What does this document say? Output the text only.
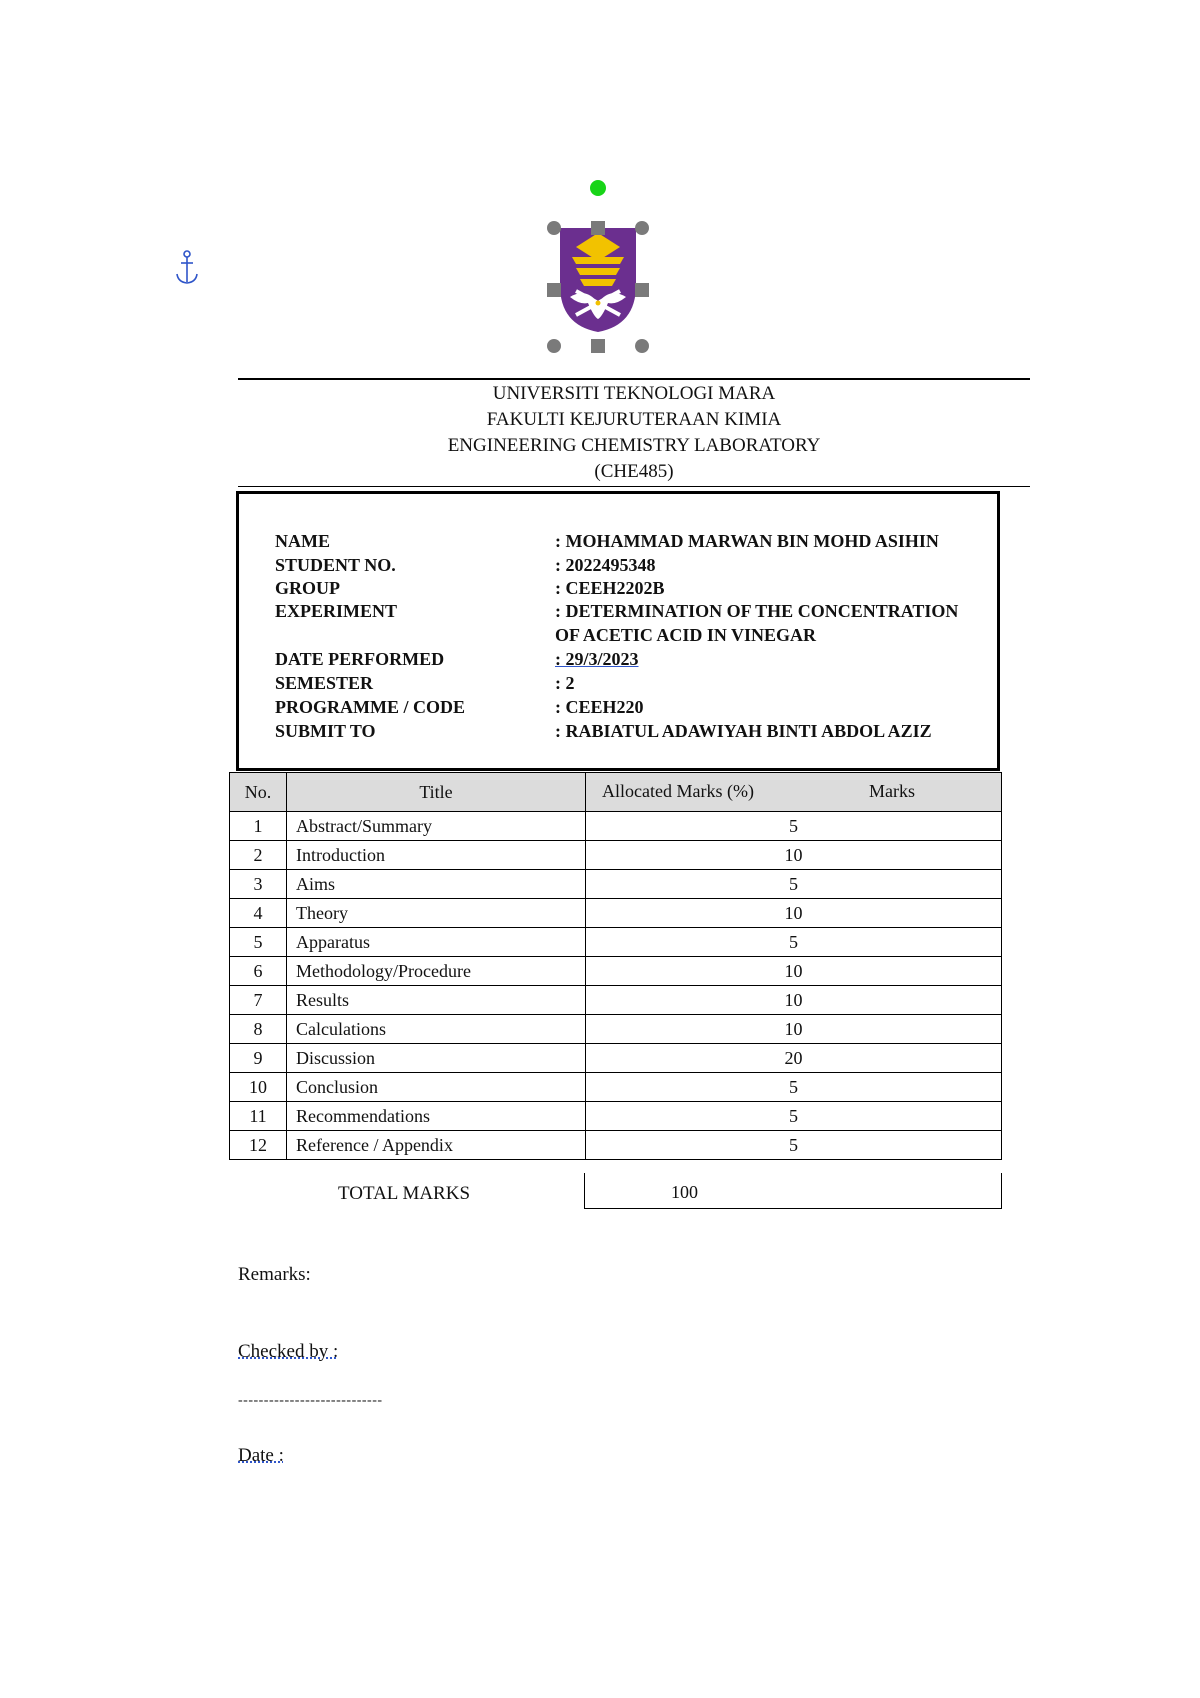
UNIVERSITI TEKNOLOGI MARA
FAKULTI KEJURUTERAAN KIMIA
ENGINEERING CHEMISTRY LABORATORY
(CHE485)
NAME	: MOHAMMAD MARWAN BIN MOHD ASIHIN
STUDENT NO.	: 2022495348
GROUP	: CEEH2202B
EXPERIMENT	: DETERMINATION OF THE CONCENTRATION
OF ACETIC ACID IN VINEGAR
DATE PERFORMED	: 29/3/2023
SEMESTER	: 2
PROGRAMME / CODE	: CEEH220
SUBMIT TO	: RABIATUL ADAWIYAH BINTI ABDOL AZIZ
No.	Title	Allocated Marks (%) Marks

1	Abstract/Summary	5
2	Introduction	10
3	Aims	5
4	Theory	10
5	Apparatus	5
6	Methodology/Procedure	10
7	Results	10
8	Calculations	10
9	Discussion	20
10	Conclusion	5
11	Recommendations	5
12	Reference / Appendix	5
TOTAL MARKS	100
Remarks:
Checked by :
----------------------------
Date :
